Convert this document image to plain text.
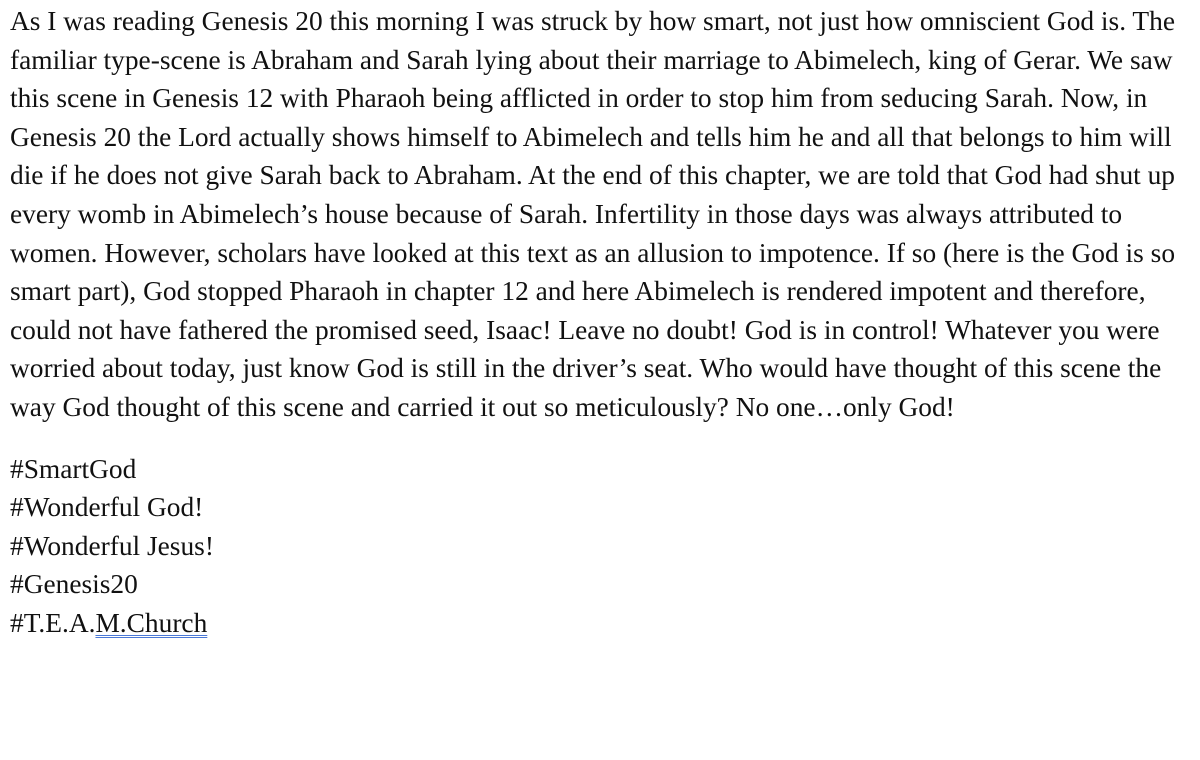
As I was reading Genesis 20 this morning I was struck by how smart, not just how omniscient God is. The familiar type-scene is Abraham and Sarah lying about their marriage to Abimelech, king of Gerar. We saw this scene in Genesis 12 with Pharaoh being afflicted in order to stop him from seducing Sarah. Now, in Genesis 20 the Lord actually shows himself to Abimelech and tells him he and all that belongs to him will die if he does not give Sarah back to Abraham. At the end of this chapter, we are told that God had shut up every womb in Abimelech’s house because of Sarah. Infertility in those days was always attributed to women. However, scholars have looked at this text as an allusion to impotence. If so (here is the God is so smart part), God stopped Pharaoh in chapter 12 and here Abimelech is rendered impotent and therefore, could not have fathered the promised seed, Isaac! Leave no doubt! God is in control! Whatever you were worried about today, just know God is still in the driver’s seat. Who would have thought of this scene the way God thought of this scene and carried it out so meticulously? No one…only God!

#SmartGod
#Wonderful God!
#Wonderful Jesus!
#Genesis20
#T.E.A.M.Church
